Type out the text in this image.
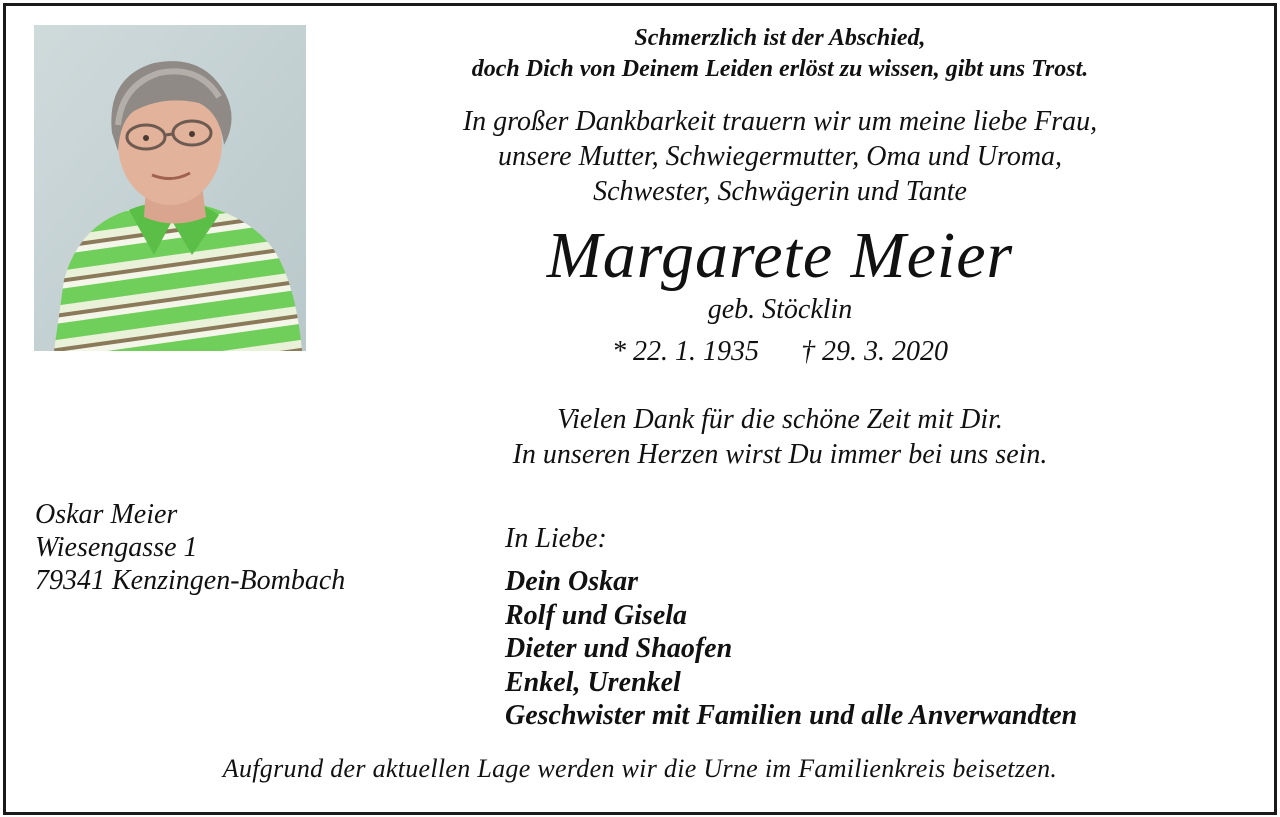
Schmerzlich ist der Abschied,
doch Dich von Deinem Leiden erlöst zu wissen, gibt uns Trost.
In großer Dankbarkeit trauern wir um meine liebe Frau,
unsere Mutter, Schwiegermutter, Oma und Uroma,
Schwester, Schwägerin und Tante
Margarete Meier
geb. Stöcklin
* 22. 1. 1935 † 29. 3. 2020
Vielen Dank für die schöne Zeit mit Dir.
In unseren Herzen wirst Du immer bei uns sein.
Oskar Meier
Wiesengasse 1
79341 Kenzingen-Bombach
In Liebe:
Dein Oskar
Rolf und Gisela
Dieter und Shaofen
Enkel, Urenkel
Geschwister mit Familien und alle Anverwandten
Aufgrund der aktuellen Lage werden wir die Urne im Familienkreis beisetzen.
